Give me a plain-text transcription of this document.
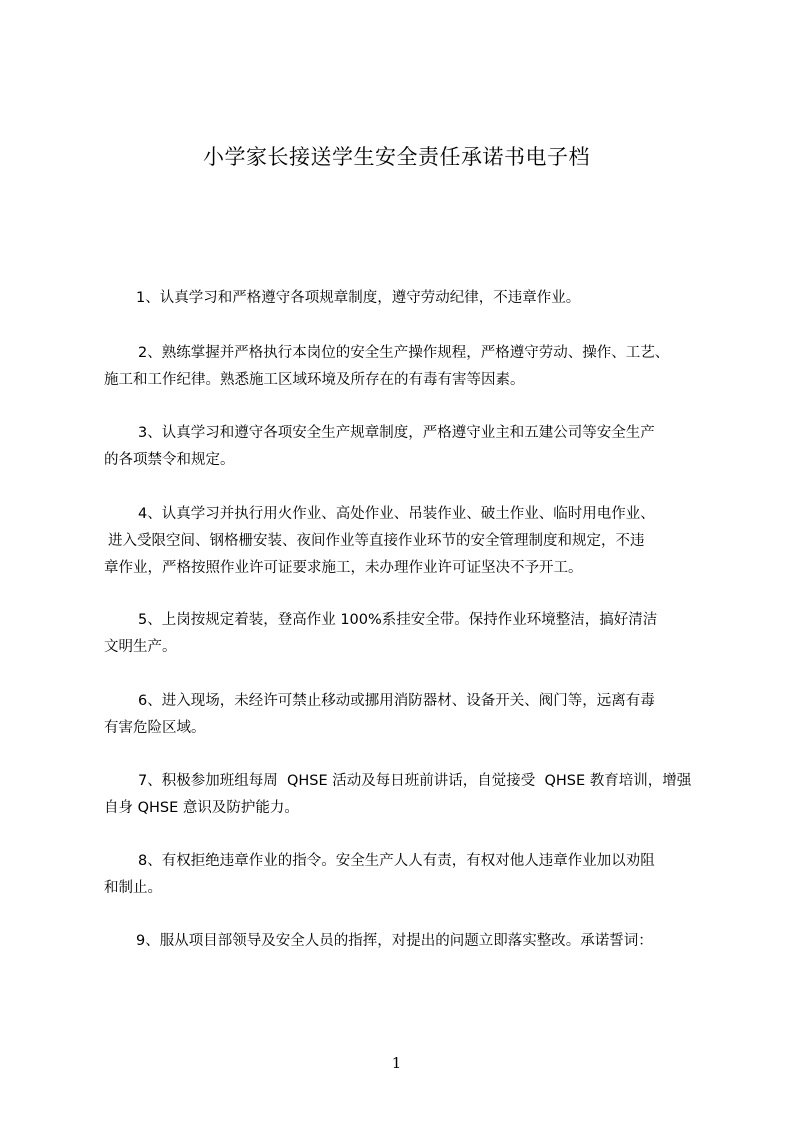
小学家长接送学生安全责任承诺书电子档
1、认真学习和严格遵守各项规章制度，遵守劳动纪律，不违章作业。
2、熟练掌握并严格执行本岗位的安全生产操作规程，严格遵守劳动、操作、工艺、
施工和工作纪律。熟悉施工区域环境及所存在的有毒有害等因素。
3、认真学习和遵守各项安全生产规章制度，严格遵守业主和五建公司等安全生产
的各项禁令和规定。
4、认真学习并执行用火作业、高处作业、吊装作业、破土作业、临时用电作业、
进入受限空间、钢格栅安装、夜间作业等直接作业环节的安全管理制度和规定，不违
章作业，严格按照作业许可证要求施工，未办理作业许可证坚决不予开工。
5、上岗按规定着装，登高作业 100%系挂安全带。保持作业环境整洁，搞好清洁
文明生产。
6、进入现场，未经许可禁止移动或挪用消防器材、设备开关、阀门等，远离有毒
有害危险区域。
7、积极参加班组每周  QHSE 活动及每日班前讲话，自觉接受  QHSE 教育培训，增强
自身 QHSE 意识及防护能力。
8、有权拒绝违章作业的指令。安全生产人人有责，有权对他人违章作业加以劝阻
和制止。
9、服从项目部领导及安全人员的指挥，对提出的问题立即落实整改。承诺誓词：
1
